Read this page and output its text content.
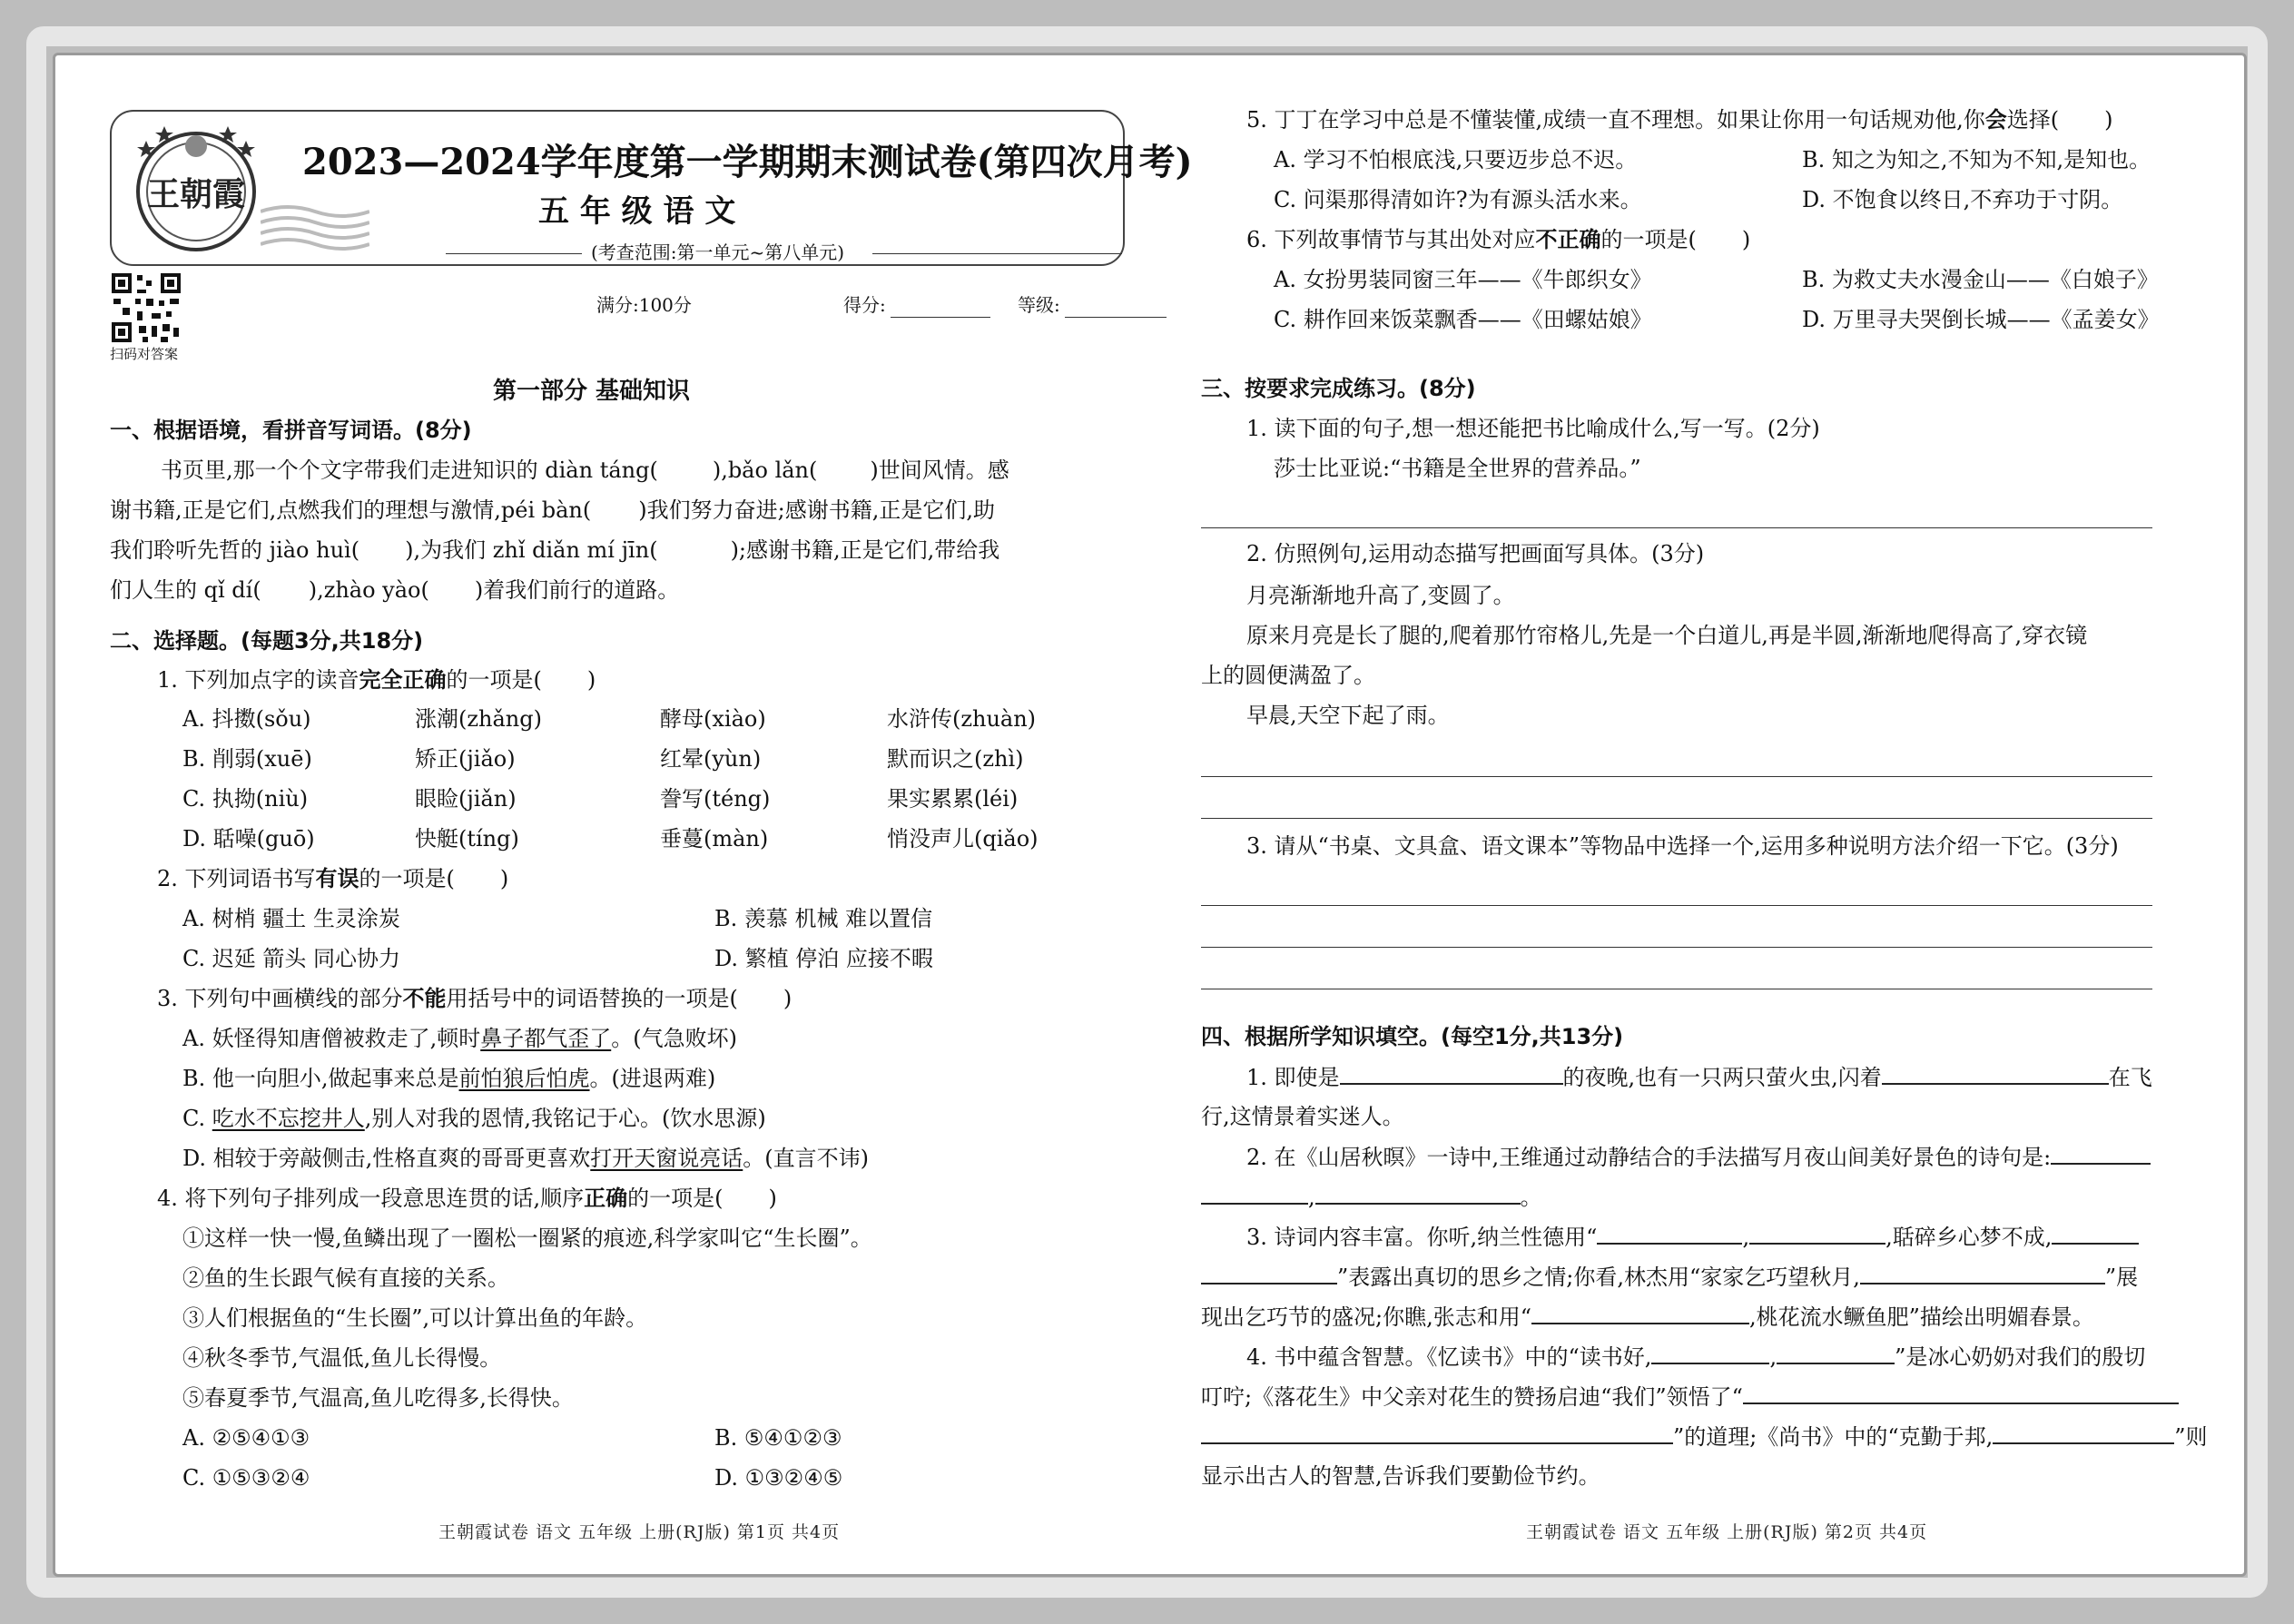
王朝霞
2023—2024学年度第一学期期末测试卷(第四次月考)
五 年 级 语 文
(考查范围:第一单元~第八单元)
扫码对答案
满分:100分	得分:	等级:
第一部分 基础知识
一、根据语境，看拼音写词语。(8分)
书页里,那一个个文字带我们走进知识的 diàn táng(	),bǎo lǎn( )世间风情。感
谢书籍,正是它们,点燃我们的理想与激情,péi bàn( )我们努力奋进;感谢书籍,正是它们,助
我们聆听先哲的 jiào huì( ),为我们 zhǐ diǎn mí jīn(	);感谢书籍,正是它们,带给我
们人生的 qǐ dí( ),zhào yào( )着我们前行的道路。
二、选择题。(每题3分,共18分)
1. 下列加点字的读音完全正确的一项是( )
A. 抖擞(sǒu)	涨潮(zhǎng)	酵母(xiào)	水浒传(zhuàn)
B. 削弱(xuē)	矫正(jiǎo)	红晕(yùn)	默而识之(zhì)
C. 执拗(niù)	眼睑(jiǎn)	誊写(téng)	果实累累(léi)
D. 聒噪(guō)	快艇(tíng)	垂蔓(màn)	悄没声儿(qiǎo)
2. 下列词语书写有误的一项是( )
A. 树梢 疆土 生灵涂炭	B. 羡慕 机械 难以置信
C. 迟延 箭头 同心协力	D. 繁植 停泊 应接不暇
3. 下列句中画横线的部分不能用括号中的词语替换的一项是( )
A. 妖怪得知唐僧被救走了,顿时鼻子都气歪了。(气急败坏)
B. 他一向胆小,做起事来总是前怕狼后怕虎。(进退两难)
C. 吃水不忘挖井人,别人对我的恩情,我铭记于心。(饮水思源)
D. 相较于旁敲侧击,性格直爽的哥哥更喜欢打开天窗说亮话。(直言不讳)
4. 将下列句子排列成一段意思连贯的话,顺序正确的一项是( )
①这样一快一慢,鱼鳞出现了一圈松一圈紧的痕迹,科学家叫它“生长圈”。
②鱼的生长跟气候有直接的关系。
③人们根据鱼的“生长圈”,可以计算出鱼的年龄。
④秋冬季节,气温低,鱼儿长得慢。
⑤春夏季节,气温高,鱼儿吃得多,长得快。
A. ②⑤④①③	B. ⑤④①②③
C. ①⑤③②④	D. ①③②④⑤
王朝霞试卷 语文 五年级 上册(RJ版) 第1页 共4页
5. 丁丁在学习中总是不懂装懂,成绩一直不理想。如果让你用一句话规劝他,你会选择( )
A. 学习不怕根底浅,只要迈步总不迟。	B. 知之为知之,不知为不知,是知也。
C. 问渠那得清如许?为有源头活水来。	D. 不饱食以终日,不弃功于寸阴。
6. 下列故事情节与其出处对应不正确的一项是( )
A. 女扮男装同窗三年——《牛郎织女》	B. 为救丈夫水漫金山——《白娘子》
C. 耕作回来饭菜飘香——《田螺姑娘》	D. 万里寻夫哭倒长城——《孟姜女》
三、按要求完成练习。(8分)
1. 读下面的句子,想一想还能把书比喻成什么,写一写。(2分)
莎士比亚说:“书籍是全世界的营养品。”
2. 仿照例句,运用动态描写把画面写具体。(3分)
月亮渐渐地升高了,变圆了。
原来月亮是长了腿的,爬着那竹帘格儿,先是一个白道儿,再是半圆,渐渐地爬得高了,穿衣镜
上的圆便满盈了。
早晨,天空下起了雨。
3. 请从“书桌、文具盒、语文课本”等物品中选择一个,运用多种说明方法介绍一下它。(3分)
四、根据所学知识填空。(每空1分,共13分)
1. 即使是	的夜晚,也有一只两只萤火虫,闪着	在飞
行,这情景着实迷人。
2. 在《山居秋暝》一诗中,王维通过动静结合的手法描写月夜山间美好景色的诗句是:
,	。
3. 诗词内容丰富。你听,纳兰性德用“	,	,聒碎乡心梦不成,
”表露出真切的思乡之情;你看,林杰用“家家乞巧望秋月,	”展
现出乞巧节的盛况;你瞧,张志和用“	,桃花流水鳜鱼肥”描绘出明媚春景。
4. 书中蕴含智慧。《忆读书》中的“读书好,	,	”是冰心奶奶对我们的殷切
叮咛;《落花生》中父亲对花生的赞扬启迪“我们”领悟了“
”的道理;《尚书》中的“克勤于邦,	”则
显示出古人的智慧,告诉我们要勤俭节约。
王朝霞试卷 语文 五年级 上册(RJ版) 第2页 共4页
